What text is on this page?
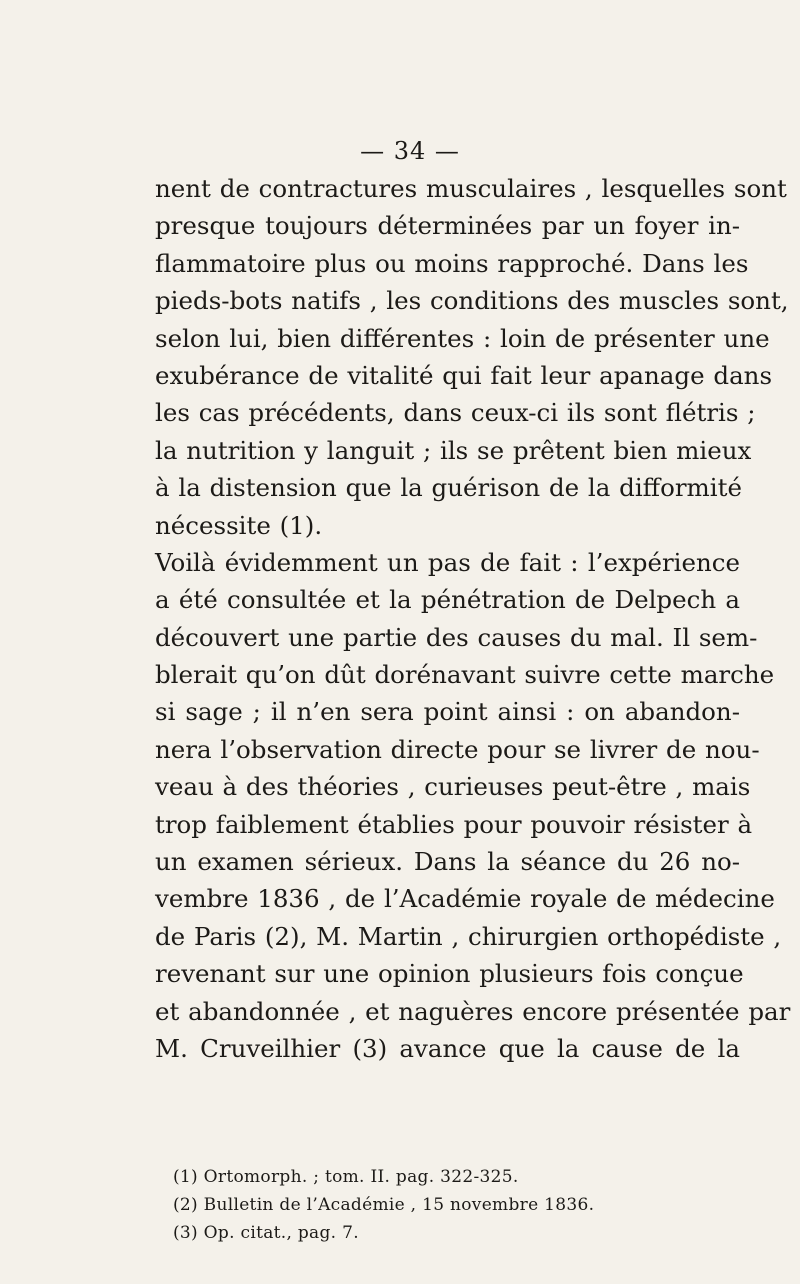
— 34 —
nent de contractures musculaires , lesquelles sont
presque toujours déterminées par un foyer in-
flammatoire plus ou moins rapproché. Dans les
pieds-bots natifs , les conditions des muscles sont,
selon lui, bien différentes : loin de présenter une
exubérance de vitalité qui fait leur apanage dans
les cas précédents, dans ceux-ci ils sont flétris ;
la nutrition y languit ; ils se prêtent bien mieux
à la distension que la guérison de la difformité
nécessite (1).
Voilà évidemment un pas de fait : l’expérience
a été consultée et la pénétration de Delpech a
découvert une partie des causes du mal. Il sem-
blerait qu’on dût dorénavant suivre cette marche
si sage ; il n’en sera point ainsi : on abandon-
nera l’observation directe pour se livrer de nou-
veau à des théories , curieuses peut-être , mais
trop faiblement établies pour pouvoir résister à
un examen sérieux. Dans la séance du 26 no-
vembre 1836 , de l’Académie royale de médecine
de Paris (2), M. Martin , chirurgien orthopédiste ,
revenant sur une opinion plusieurs fois conçue
et abandonnée , et naguères encore présentée par
M. Cruveilhier (3) avance que la cause de la
(1) Ortomorph. ; tom. II. pag. 322-325.
(2) Bulletin de l’Académie , 15 novembre 1836.
(3) Op. citat., pag. 7.
